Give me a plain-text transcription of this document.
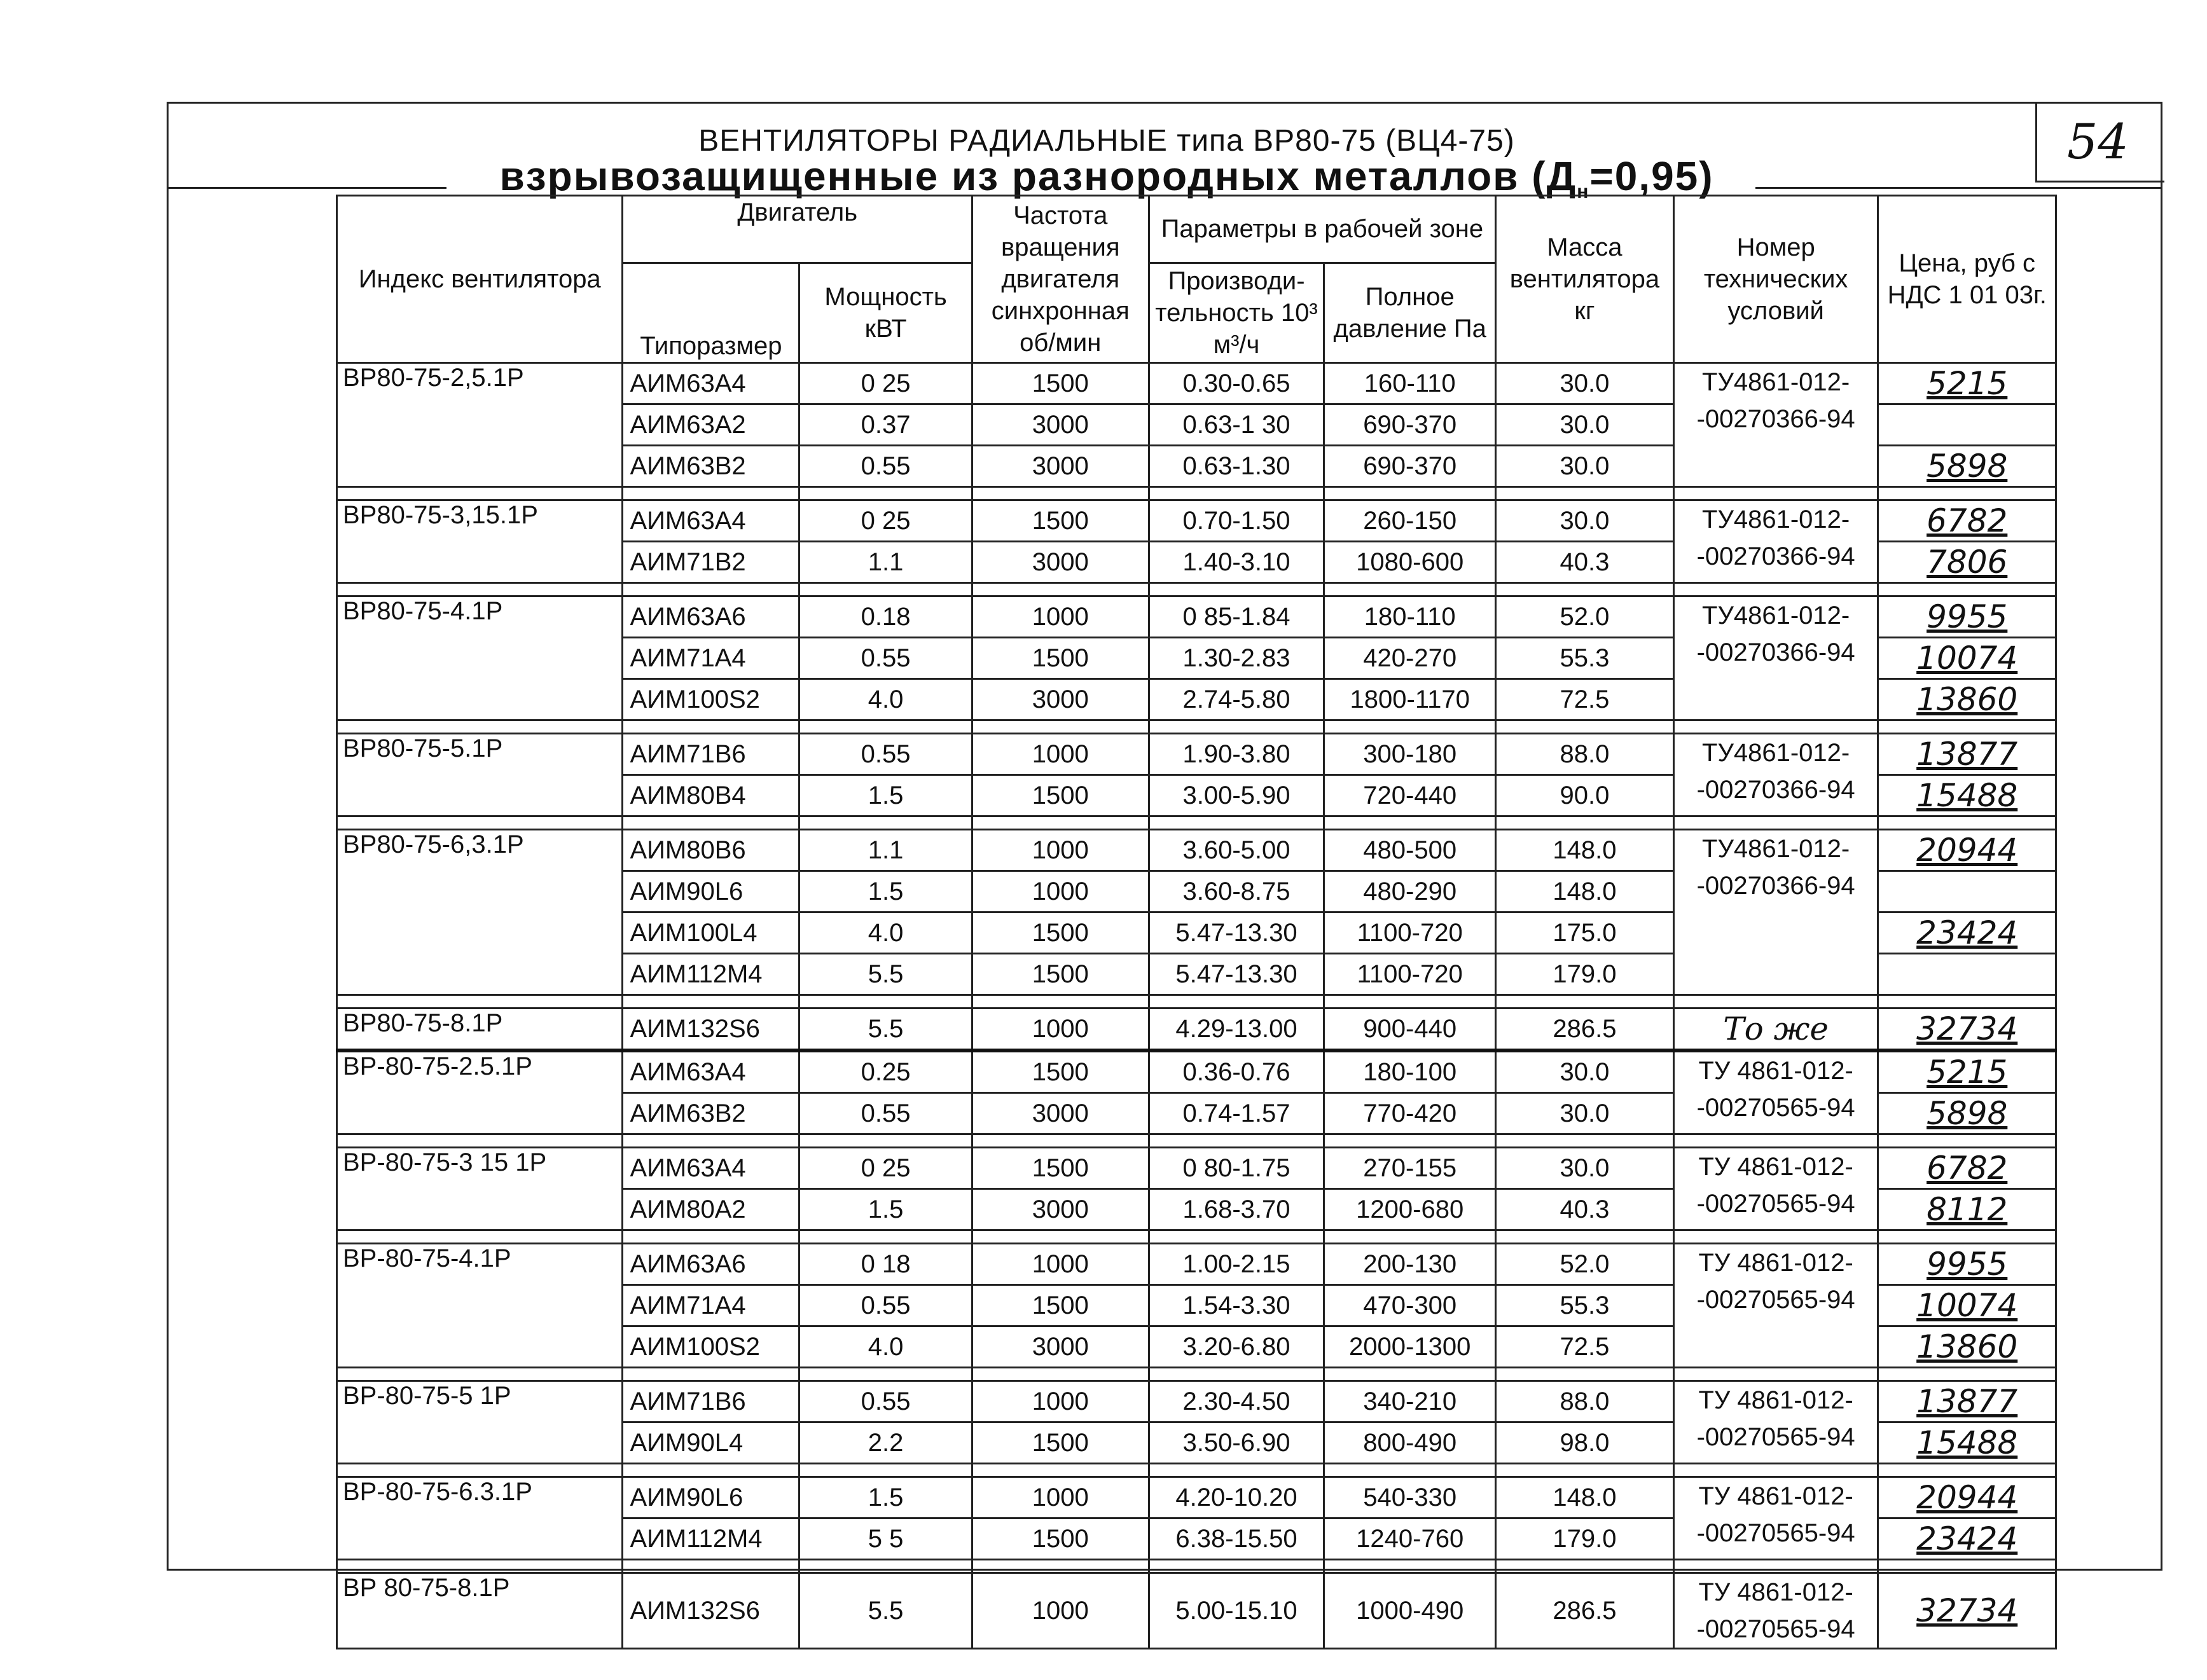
54
ВЕНТИЛЯТОРЫ РАДИАЛЬНЫЕ типа ВР80-75 (ВЦ4-75)
взрывозащищенные из разнородных металлов $(Д_н=0,95)$
Индекс вентилятора	Двигатель		Частота вращения двигателя синхронная об/мин	Параметры в рабочей зоне		Масса вентилятора кг	Номер технических условий	Цена, руб с НДС 1 01 03г.
	Типоразмер	Мощность кВТ		Производи-тельность 10³ м³/ч	Полное давление Па			
ВР80-75-2,5.1Р	АИМ63А4	0 25	1500	0.30-0.65	160-110	30.0	ТУ4861-012- -00270366-94	5215
	АИМ63А2	0.37	3000	0.63-1 30	690-370	30.0		
	АИМ63В2	0.55	3000	0.63-1.30	690-370	30.0		5898

ВР80-75-3,15.1Р	АИМ63А4	0 25	1500	0.70-1.50	260-150	30.0	ТУ4861-012- -00270366-94	6782
	АИМ71В2	1.1	3000	1.40-3.10	1080-600	40.3		7806

ВР80-75-4.1Р	АИМ63А6	0.18	1000	0 85-1.84	180-110	52.0	ТУ4861-012- -00270366-94	9955
	АИМ71А4	0.55	1500	1.30-2.83	420-270	55.3		10074
	АИМ100S2	4.0	3000	2.74-5.80	1800-1170	72.5		13860

ВР80-75-5.1Р	АИМ71В6	0.55	1000	1.90-3.80	300-180	88.0	ТУ4861-012- -00270366-94	13877
	АИМ80В4	1.5	1500	3.00-5.90	720-440	90.0		15488

ВР80-75-6,3.1Р	АИМ80В6	1.1	1000	3.60-5.00	480-500	148.0	ТУ4861-012- -00270366-94	20944
	АИМ90L6	1.5	1000	3.60-8.75	480-290	148.0		
	АИМ100L4	4.0	1500	5.47-13.30	1100-720	175.0		23424
	АИМ112М4	5.5	1500	5.47-13.30	1100-720	179.0		

ВР80-75-8.1Р	АИМ132S6	5.5	1000	4.29-13.00	900-440	286.5	То же	32734
ВР-80-75-2.5.1Р	АИМ63А4	0.25	1500	0.36-0.76	180-100	30.0	ТУ 4861-012- -00270565-94	5215
	АИМ63В2	0.55	3000	0.74-1.57	770-420	30.0		5898

ВР-80-75-3 15 1Р	АИМ63А4	0 25	1500	0 80-1.75	270-155	30.0	ТУ 4861-012- -00270565-94	6782
	АИМ80А2	1.5	3000	1.68-3.70	1200-680	40.3		8112

ВР-80-75-4.1Р	АИМ63А6	0 18	1000	1.00-2.15	200-130	52.0	ТУ 4861-012- -00270565-94	9955
	АИМ71А4	0.55	1500	1.54-3.30	470-300	55.3		10074
	АИМ100S2	4.0	3000	3.20-6.80	2000-1300	72.5		13860

ВР-80-75-5 1Р	АИМ71В6	0.55	1000	2.30-4.50	340-210	88.0	ТУ 4861-012- -00270565-94	13877
	АИМ90L4	2.2	1500	3.50-6.90	800-490	98.0		15488

ВР-80-75-6.3.1Р	АИМ90L6	1.5	1000	4.20-10.20	540-330	148.0	ТУ 4861-012- -00270565-94	20944
	АИМ112М4	5 5	1500	6.38-15.50	1240-760	179.0		23424

ВР 80-75-8.1Р	АИМ132S6	5.5	1000	5.00-15.10	1000-490	286.5	ТУ 4861-012- -00270565-94	32734
